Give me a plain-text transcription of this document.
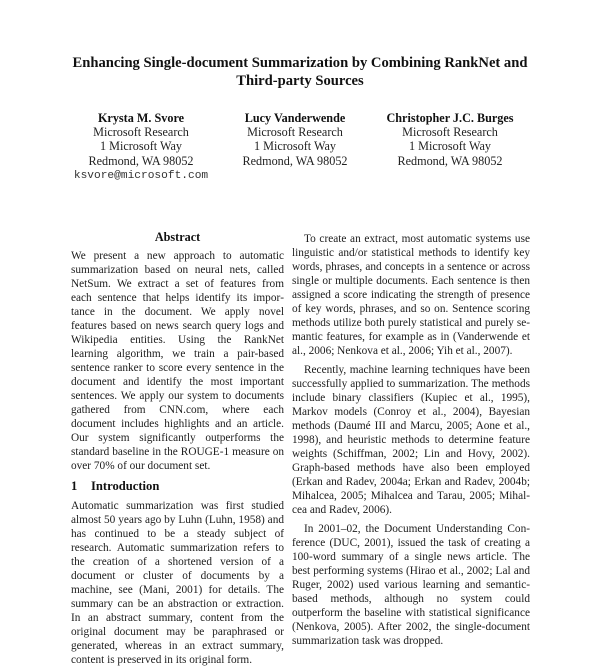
Enhancing Single-document Summarization by Combining RankNet and Third-party Sources
Krysta M. Svore
Microsoft Research
1 Microsoft Way
Redmond, WA 98052
ksvore@microsoft.com
Lucy Vanderwende
Microsoft Research
1 Microsoft Way
Redmond, WA 98052
Christopher J.C. Burges
Microsoft Research
1 Microsoft Way
Redmond, WA 98052
Abstract

We present a new approach to automatic summarization based on neural nets, called NetSum. We extract a set of features from each sentence that helps identify its importance in the document. We apply novel features based on news search query logs and Wikipedia entities. Using the RankNet learning algorithm, we train a pair-based sentence ranker to score every sentence in the document and identify the most important sentences. We apply our system to documents gathered from CNN.com, where each document includes highlights and an article. Our system significantly outperforms the standard baseline in the ROUGE-1 measure on over 70% of our document set.

1 Introduction

Automatic summarization was first studied almost 50 years ago by Luhn (Luhn, 1958) and has continued to be a steady subject of research. Automatic summarization refers to the creation of a shortened version of a document or cluster of documents by a machine, see (Mani, 2001) for details. The summary can be an abstraction or extraction. In an abstract summary, content from the original document may be paraphrased or generated, whereas in an extract summary, content is preserved in its original form.

To create an extract, most automatic systems use linguistic and/or statistical methods to identify key words, phrases, and concepts in a sentence or across single or multiple documents. Each sentence is then assigned a score indicating the strength of presence of key words, phrases, and so on. Sentence scoring methods utilize both purely statistical and purely semantic features, for example as in (Vanderwende et al., 2006; Nenkova et al., 2006; Yih et al., 2007).

Recently, machine learning techniques have been successfully applied to summarization. The methods include binary classifiers (Kupiec et al., 1995), Markov models (Conroy et al., 2004), Bayesian methods (Daumé III and Marcu, 2005; Aone et al., 1998), and heuristic methods to determine feature weights (Schiffman, 2002; Lin and Hovy, 2002). Graph-based methods have also been employed (Erkan and Radev, 2004a; Erkan and Radev, 2004b; Mihalcea, 2005; Mihalcea and Tarau, 2005; Mihalcea and Radev, 2006).

In 2001–02, the Document Understanding Conference (DUC, 2001), issued the task of creating a 100-word summary of a single news article. The best performing systems (Hirao et al., 2002; Lal and Ruger, 2002) used various learning and semantic-based methods, although no system could outperform the baseline with statistical significance (Nenkova, 2005). After 2002, the single-document summarization task was dropped.
